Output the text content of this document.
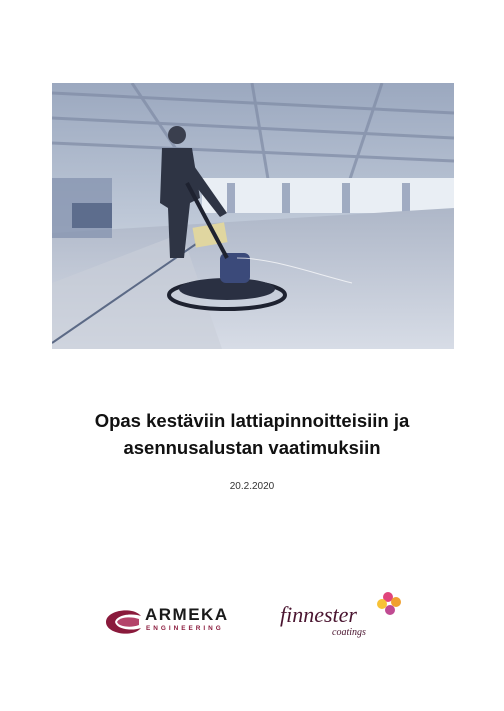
Opas kestäviin lattiapinnoitteisiin ja
asennusalustan vaatimuksiin
20.2.2020
ARMEKA
ENGINEERING
finnester
coatings
